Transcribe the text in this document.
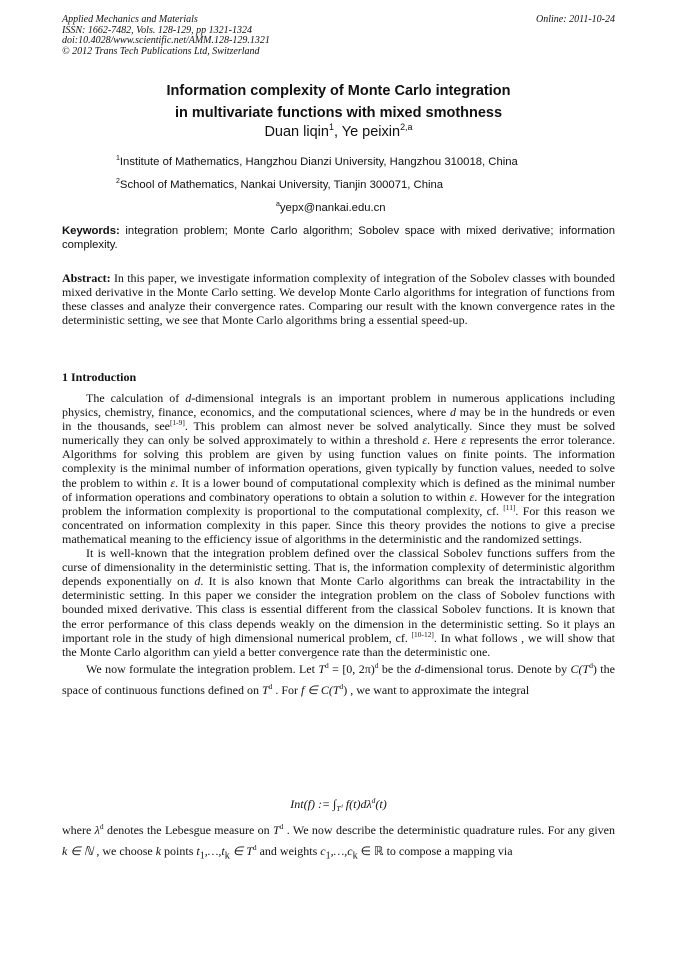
Applied Mechanics and Materials
ISSN: 1662-7482, Vols. 128-129, pp 1321-1324
doi:10.4028/www.scientific.net/AMM.128-129.1321
© 2012 Trans Tech Publications Ltd, Switzerland
Online: 2011-10-24
Information complexity of Monte Carlo integration
in multivariate functions with mixed smothness
Duan liqin$^1$, Ye peixin$^{2,a}$
$^1$Institute of Mathematics, Hangzhou Dianzi University, Hangzhou 310018, China
$^2$School of Mathematics, Nankai University, Tianjin 300071, China
$^a$yepx@nankai.edu.cn
Keywords: integration problem; Monte Carlo algorithm; Sobolev space with mixed derivative; information complexity.
Abstract: In this paper, we investigate information complexity of integration of the Sobolev classes with bounded mixed derivative in the Monte Carlo setting. We develop Monte Carlo algorithms for integration of functions from these classes and analyze their convergence rates. Comparing our result with the known convergence rates in the deterministic setting, we see that Monte Carlo algorithms bring a essential speed-up.
1 Introduction

The calculation of d-dimensional integrals is an important problem in numerous applications including physics, chemistry, finance, economics, and the computational sciences, where d may be in the hundreds or even in the thousands, see[1-9]. This problem can almost never be solved analytically. Since they must be solved numerically they can only be solved approximately to within a threshold ε. Here ε represents the error tolerance. Algorithms for solving this problem are given by using function values on finite points. The information complexity is the minimal number of information operations, given typically by function values, needed to solve the problem to within ε. It is a lower bound of computational complexity which is defined as the minimal number of information operations and combinatory operations to obtain a solution to within ε. However for the integration problem the information complexity is proportional to the computational complexity, cf. [11]. For this reason we concentrated on information complexity in this paper. Since this theory provides the notions to give a precise mathematical meaning to the efficiency issue of algorithms in the deterministic and the randomized settings.

It is well-known that the integration problem defined over the classical Sobolev functions suffers from the curse of dimensionality in the deterministic setting. That is, the information complexity of deterministic algorithm depends exponentially on d. It is also known that Monte Carlo algorithms can break the intractability in the deterministic setting. In this paper we consider the integration problem on the class of Sobolev functions with bounded mixed derivative. This class is essential different from the classical Sobolev functions. It is known that the error performance of this class depends weakly on the dimension in the deterministic setting. So it plays an important role in the study of high dimensional numerical problem, cf. [10-12]. In what follows , we will show that the Monte Carlo algorithm can yield a better convergence rate than the deterministic one.

We now formulate the integration problem. Let $T^d = [0$, 2π)$^d$ be the d-dimensional torus. Denote by $C(T^d)$ the space of continuous functions defined on $T^d$ . For f ∈ $C(T^d)$ , we want to approximate the integral

Int(f) := $\int_{T^d}$ $f(t)d\lambda^d(t)$
where $\lambda^d$ denotes the Lebesgue measure on $T^d$ . We now describe the deterministic quadrature rules. For any given k ∈ ℕ , we choose k points $t_1,\dots,t_k$ ∈ $T^d$ and weights $c_1,\dots,c_k$ ∈ ℝ to compose a mapping via
